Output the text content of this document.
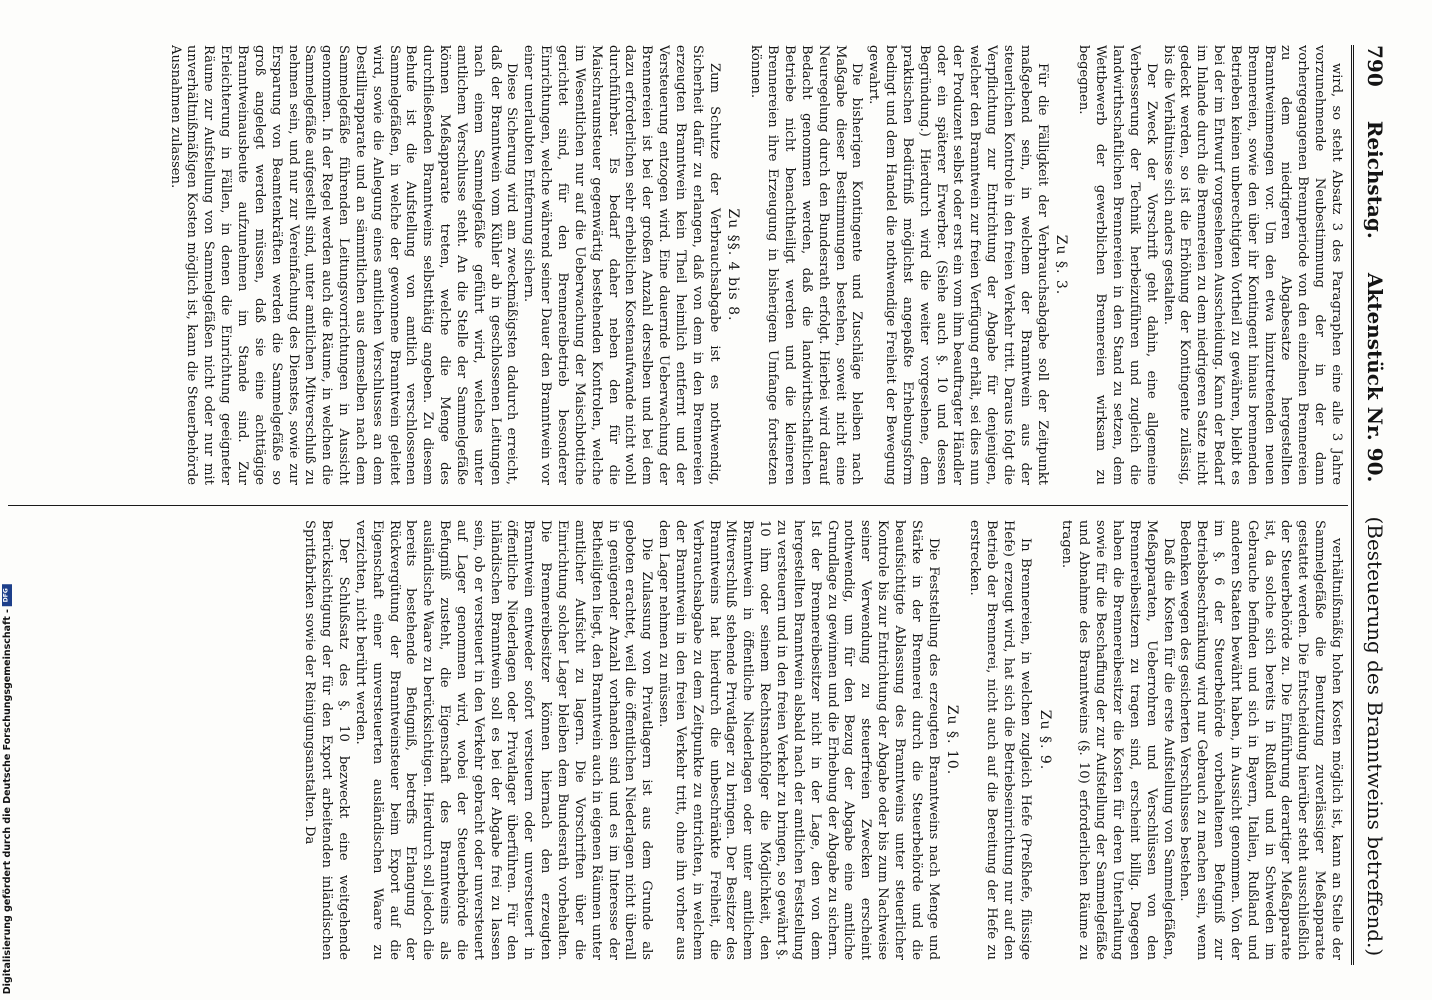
790
Reichstag.
Aktenstück Nr. 90.
(Besteuerung des Branntweins betreffend.)

wird, so steht Absatz 3 des Paragraphen eine alle 3 Jahre vorzunehmende Neubestimmung der in der dann vorhergegangenen Brennperiode von den einzelnen Brennereien zu dem niedrigeren Abgabesatze hergestellten Branntweinmengen vor. Um den etwa hinzutretenden neuen Brennereien, sowie den über ihr Kontingent hinaus brennenden Betrieben keinen unberechtigten Vortheil zu gewähren, bleibt es bei der im Entwurf vorgesehenen Ausscheidung. Kann der Bedarf im Inlande durch die Brennereien zu dem niedrigeren Satze nicht gedeckt werden, so ist die Erhöhung der Kontingente zulässig, bis die Verhältnisse sich anders gestalten.

Der Zweck der Vorschrift geht dahin, eine allgemeine Verbesserung der Technik herbeizuführen und zugleich die landwirthschaftlichen Brennereien in den Stand zu setzen, dem Wettbewerb der gewerblichen Brennereien wirksam zu begegnen.

Zu §. 3.

Für die Fälligkeit der Verbrauchsabgabe soll der Zeitpunkt maßgebend sein, in welchem der Branntwein aus der steuerlichen Kontrole in den freien Verkehr tritt. Daraus folgt die Verpflichtung zur Entrichtung der Abgabe für denjenigen, welcher den Branntwein zur freien Verfügung erhält, sei dies nun der Produzent selbst oder erst ein vom ihm beauftragter Händler oder ein späterer Erwerber. (Siehe auch §. 10 und dessen Begründung.) Hierdurch wird die weiter vorgesehene, dem praktischen Bedürfniß möglichst angepaßte Erhebungsform bedingt und dem Handel die nothwendige Freiheit der Bewegung gewahrt.

Die bisherigen Kontingente und Zuschläge bleiben nach Maßgabe dieser Bestimmungen bestehen, soweit nicht eine Neuregelung durch den Bundesrath erfolgt. Hierbei wird darauf Bedacht genommen werden, daß die landwirthschaftlichen Betriebe nicht benachtheiligt werden und die kleineren Brennereien ihre Erzeugung in bisherigem Umfange fortsetzen können.

Zu §§. 4 bis 8.

Zum Schutze der Verbrauchsabgabe ist es nothwendig, Sicherheit dafür zu erlangen, daß von dem in den Brennereien erzeugten Branntwein kein Theil heimlich entfernt und der Versteuerung entzogen wird. Eine dauernde Ueberwachung der Brennereien ist bei der großen Anzahl derselben und bei dem dazu erforderlichen sehr erheblichen Kostenaufwande nicht wohl durchführbar. Es bedarf daher neben den für die Maischraumsteuer gegenwärtig bestehenden Kontrolen, welche im Wesentlichen nur auf die Ueberwachung der Maischbottiche gerichtet sind, für den Brennereibetrieb besonderer Einrichtungen, welche während seiner Dauer den Branntwein vor einer unerlaubten Entfernung sichern.

Diese Sicherung wird am zweckmäßigsten dadurch erreicht, daß der Branntwein vom Kühler ab in geschlossenen Leitungen nach einem Sammelgefäße geführt wird, welches unter amtlichem Verschlusse steht. An die Stelle der Sammelgefäße können Meßapparate treten, welche die Menge des durchfließenden Branntweins selbstthätig angeben. Zu diesem Behufe ist die Aufstellung von amtlich verschlossenen Sammelgefäßen, in welche der gewonnene Branntwein geleitet wird, sowie die Anlegung eines amtlichen Verschlusses an dem Destillirapparate und an sämmtlichen aus demselben nach dem Sammelgefäße führenden Leitungsvorrichtungen in Aussicht genommen. In der Regel werden auch die Räume, in welchen die Sammelgefäße aufgestellt sind, unter amtlichen Mitverschluß zu nehmen sein, und nur zur Vereinfachung des Dienstes, sowie zur Ersparung von Beamtenkräften werden die Sammelgefäße so groß angelegt werden müssen, daß sie eine achttägige Branntweinausbeute aufzunehmen im Stande sind. Zur Erleichterung in Fällen, in denen die Einrichtung geeigneter Räume zur Aufstellung von Sammelgefäßen nicht oder nur mit unverhältnißmäßigen Kosten möglich ist, kann die Steuerbehörde Ausnahmen zulassen.

verhältnißmäßig hohen Kosten möglich ist, kann an Stelle der Sammelgefäße die Benutzung zuverlässiger Meßapparate gestattet werden. Die Entscheidung hierüber steht ausschließlich der Steuerbehörde zu. Die Einführung derartiger Meßapparate ist, da solche sich bereits in Rußland und in Schweden im Gebrauche befinden und sich in Bayern, Italien, Rußland und anderen Staaten bewährt haben, in Aussicht genommen. Von der im §. 6 der Steuerbehörde vorbehaltenen Befugniß zur Betriebsbeschränkung wird nur Gebrauch zu machen sein, wenn Bedenken wegen des gesicherten Verschlusses bestehen.

Daß die Kosten für die erste Aufstellung von Sammelgefäßen, Meßapparaten, Ueberrohren und Verschlüssen von den Brennereibesitzern zu tragen sind, erscheint billig. Dagegen haben die Brennereibesitzer die Kosten für deren Unterhaltung sowie für die Beschaffung der zur Aufstellung der Sammelgefäße und Abnahme des Branntweins (§. 10) erforderlichen Räume zu tragen.

Zu §. 9.

In Brennereien, in welchen zugleich Hefe (Preßhefe, flüssige Hefe) erzeugt wird, hat sich die Betriebseinrichtung nur auf den Betrieb der Brennerei, nicht auch auf die Bereitung der Hefe zu erstrecken.

Zu §. 10.

Die Feststellung des erzeugten Branntweins nach Menge und Stärke in der Brennerei durch die Steuerbehörde und die beaufsichtigte Ablassung des Branntweins unter steuerlicher Kontrole bis zur Entrichtung der Abgabe oder bis zum Nachweise seiner Verwendung zu steuerfreien Zwecken erscheint nothwendig, um für den Bezug der Abgabe eine amtliche Grundlage zu gewinnen und die Erhebung der Abgabe zu sichern. Ist der Brennereibesitzer nicht in der Lage, den von dem hergestellten Branntwein alsbald nach der amtlichen Feststellung zu versteuern und in den freien Verkehr zu bringen, so gewährt §. 10 ihm oder seinem Rechtsnachfolger die Möglichkeit, den Branntwein in öffentliche Niederlagen oder unter amtlichem Mitverschluß stehende Privatlager zu bringen. Der Besitzer des Branntweins hat hierdurch die unbeschränkte Freiheit, die Verbrauchsabgabe zu dem Zeitpunkte zu entrichten, in welchem der Branntwein in den freien Verkehr tritt, ohne ihn vorher aus dem Lager nehmen zu müssen.

Die Zulassung von Privatlagern ist aus dem Grunde als geboten erachtet, weil die öffentlichen Niederlagen nicht überall in genügender Anzahl vorhanden sind und es im Interesse der Betheiligten liegt, den Branntwein auch in eigenen Räumen unter amtlicher Aufsicht zu lagern. Die Vorschriften über die Einrichtung solcher Lager bleiben dem Bundesrath vorbehalten. Die Brennereibesitzer können hiernach den erzeugten Branntwein entweder sofort versteuern oder unversteuert in öffentliche Niederlagen oder Privatlager überführen. Für den inländischen Branntwein soll es bei der Abgabe frei zu lassen sein, ob er versteuert in den Verkehr gebracht oder unversteuert auf Lager genommen wird, wobei der Steuerbehörde die Befugniß zusteht, die Eigenschaft des Branntweins als ausländische Waare zu berücksichtigen. Hierdurch soll jedoch die bereits bestehende Befugniß, betreffs Erlangung der Rückvergütung der Branntweinsteuer beim Export auf die Eigenschaft einer unversteuerten ausländischen Waare zu verzichten, nicht berührt werden.

Der Schlußsatz des §. 10 bezweckt eine weitgehende Berücksichtigung der für den Export arbeitenden inländischen Spritfabriken sowie der Reinigungsanstalten. Da

Digitalisierung gefördert durch die Deutsche Forschungsgemeinschaft -
DFG
